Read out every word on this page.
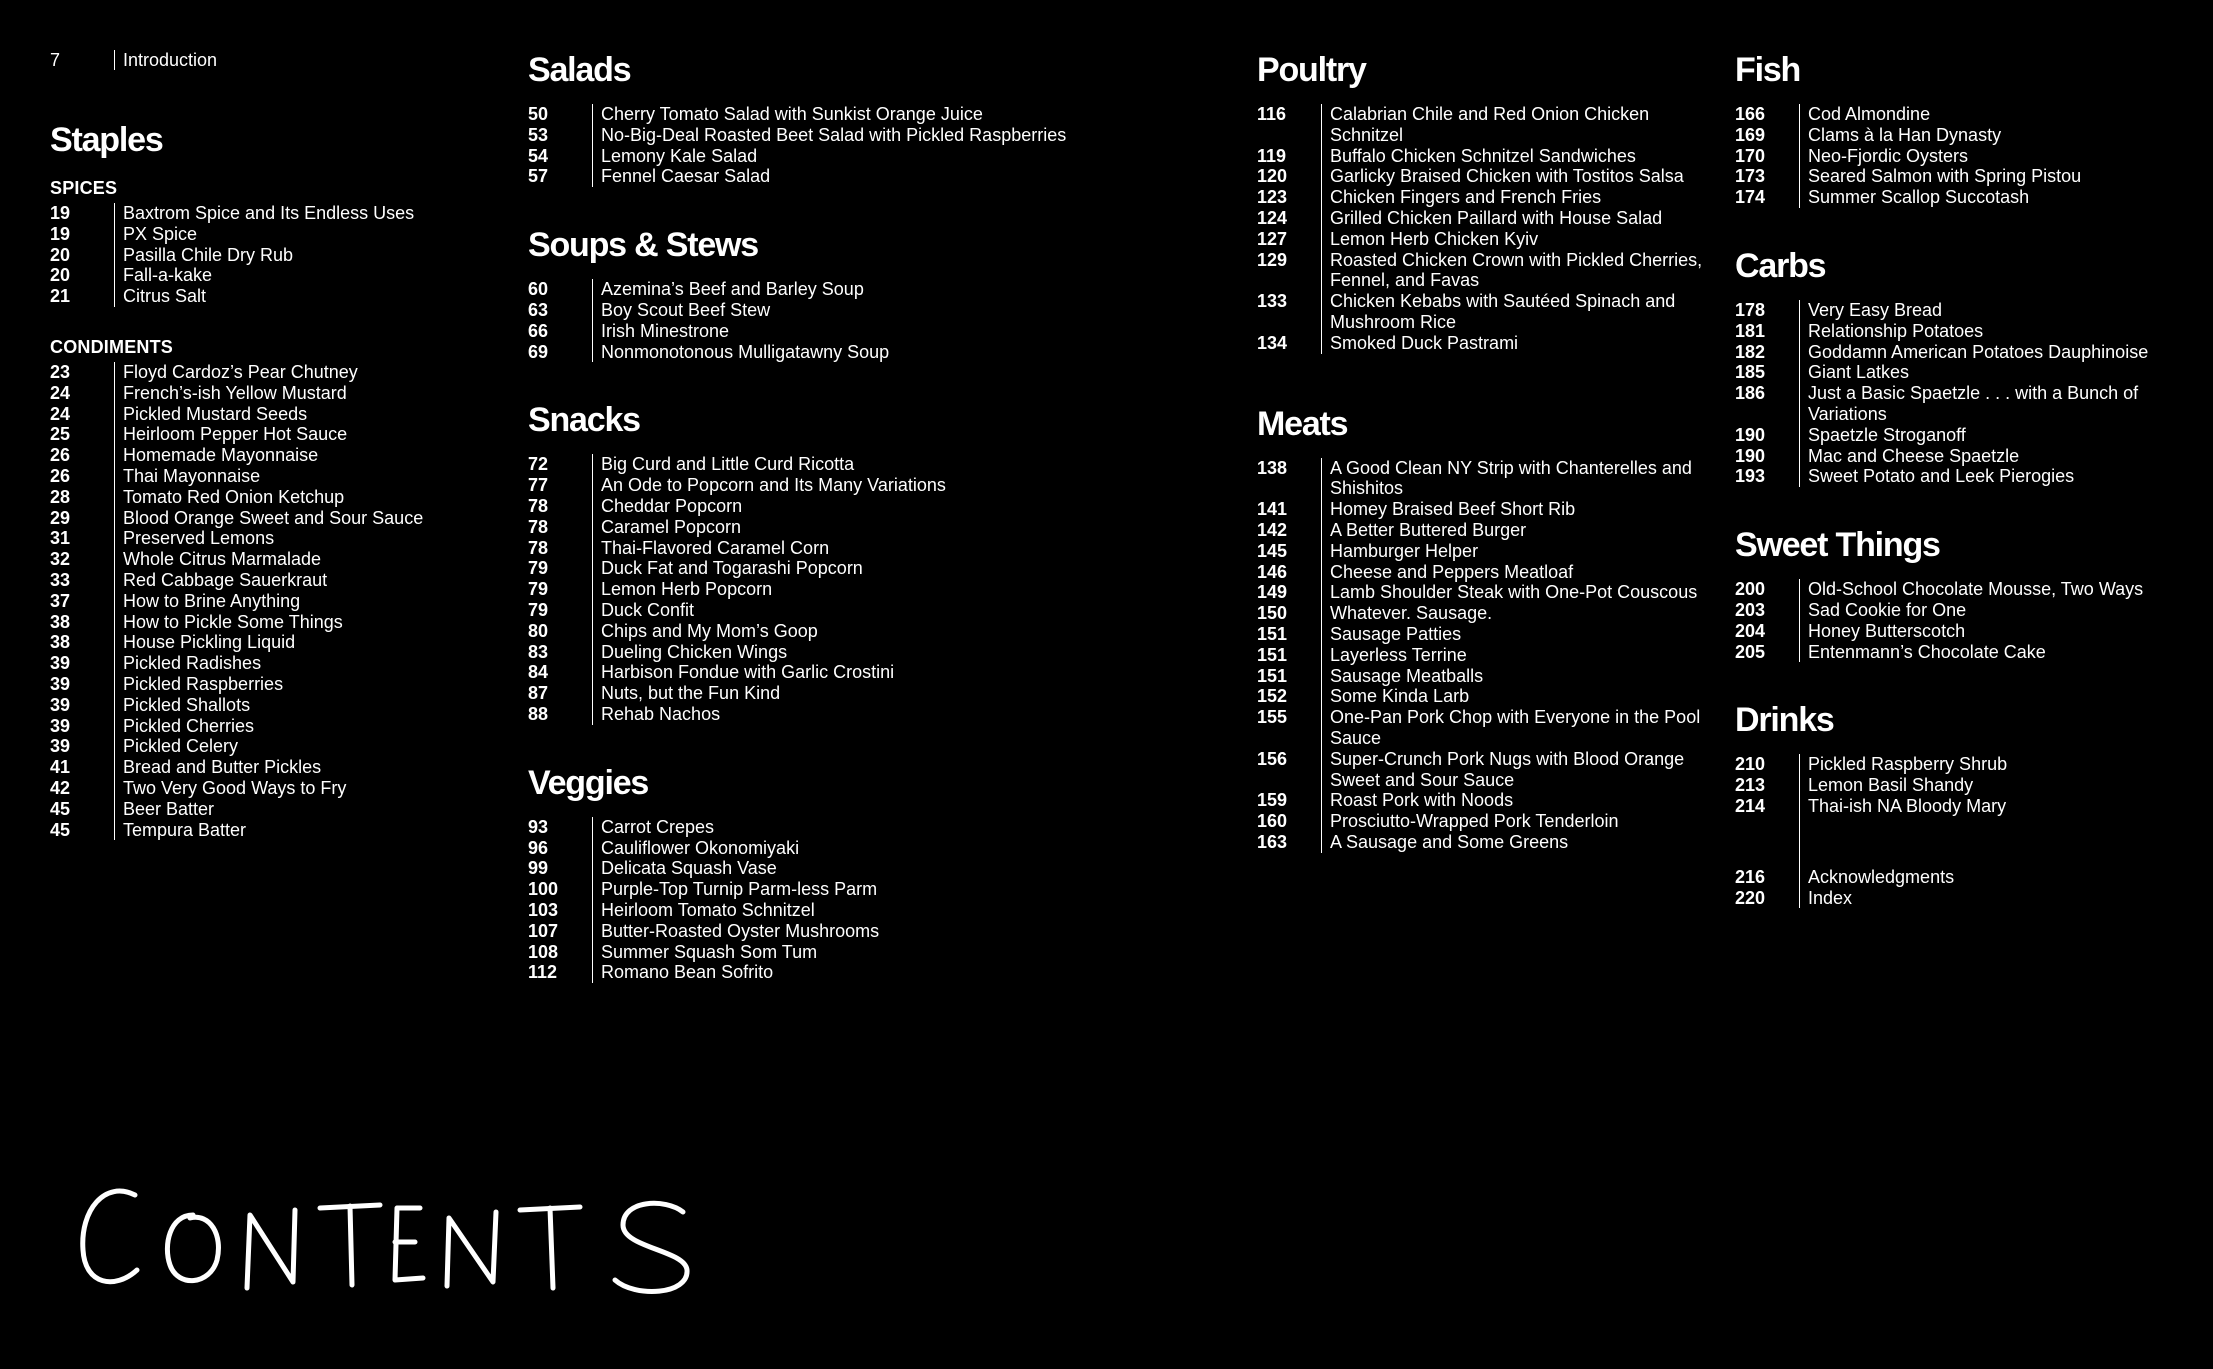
7	Introduction
Staples
SPICES
19	Baxtrom Spice and Its Endless Uses
19	PX Spice
20	Pasilla Chile Dry Rub
20	Fall-a-kake
21	Citrus Salt
CONDIMENTS
23	Floyd Cardoz’s Pear Chutney
24	French’s-ish Yellow Mustard
24	Pickled Mustard Seeds
25	Heirloom Pepper Hot Sauce
26	Homemade Mayonnaise
26	Thai Mayonnaise
28	Tomato Red Onion Ketchup
29	Blood Orange Sweet and Sour Sauce
31	Preserved Lemons
32	Whole Citrus Marmalade
33	Red Cabbage Sauerkraut
37	How to Brine Anything
38	How to Pickle Some Things
38	House Pickling Liquid
39	Pickled Radishes
39	Pickled Raspberries
39	Pickled Shallots
39	Pickled Cherries
39	Pickled Celery
41	Bread and Butter Pickles
42	Two Very Good Ways to Fry
45	Beer Batter
45	Tempura Batter
Salads
50	Cherry Tomato Salad with Sunkist Orange Juice
53	No-Big-Deal Roasted Beet Salad with Pickled Raspberries
54	Lemony Kale Salad
57	Fennel Caesar Salad
Soups & Stews
60	Azemina’s Beef and Barley Soup
63	Boy Scout Beef Stew
66	Irish Minestrone
69	Nonmonotonous Mulligatawny Soup
Snacks
72	Big Curd and Little Curd Ricotta
77	An Ode to Popcorn and Its Many Variations
78	Cheddar Popcorn
78	Caramel Popcorn
78	Thai-Flavored Caramel Corn
79	Duck Fat and Togarashi Popcorn
79	Lemon Herb Popcorn
79	Duck Confit
80	Chips and My Mom’s Goop
83	Dueling Chicken Wings
84	Harbison Fondue with Garlic Crostini
87	Nuts, but the Fun Kind
88	Rehab Nachos
Veggies
93	Carrot Crepes
96	Cauliflower Okonomiyaki
99	Delicata Squash Vase
100	Purple-Top Turnip Parm-less Parm
103	Heirloom Tomato Schnitzel
107	Butter-Roasted Oyster Mushrooms
108	Summer Squash Som Tum
112	Romano Bean Sofrito
Poultry
116	Calabrian Chile and Red Onion Chicken Schnitzel
119	Buffalo Chicken Schnitzel Sandwiches
120	Garlicky Braised Chicken with Tostitos Salsa
123	Chicken Fingers and French Fries
124	Grilled Chicken Paillard with House Salad
127	Lemon Herb Chicken Kyiv
129	Roasted Chicken Crown with Pickled Cherries, Fennel, and Favas
133	Chicken Kebabs with Sautéed Spinach and Mushroom Rice
134	Smoked Duck Pastrami
Meats
138	A Good Clean NY Strip with Chanterelles and Shishitos
141	Homey Braised Beef Short Rib
142	A Better Buttered Burger
145	Hamburger Helper
146	Cheese and Peppers Meatloaf
149	Lamb Shoulder Steak with One-Pot Couscous
150	Whatever. Sausage.
151	Sausage Patties
151	Layerless Terrine
151	Sausage Meatballs
152	Some Kinda Larb
155	One-Pan Pork Chop with Everyone in the Pool Sauce
156	Super-Crunch Pork Nugs with Blood Orange Sweet and Sour Sauce
159	Roast Pork with Noods
160	Prosciutto-Wrapped Pork Tenderloin
163	A Sausage and Some Greens
Fish
166	Cod Almondine
169	Clams à la Han Dynasty
170	Neo-Fjordic Oysters
173	Seared Salmon with Spring Pistou
174	Summer Scallop Succotash
Carbs
178	Very Easy Bread
181	Relationship Potatoes
182	Goddamn American Potatoes Dauphinoise
185	Giant Latkes
186	Just a Basic Spaetzle . . . with a Bunch of Variations
190	Spaetzle Stroganoff
190	Mac and Cheese Spaetzle
193	Sweet Potato and Leek Pierogies
Sweet Things
200	Old-School Chocolate Mousse, Two Ways
203	Sad Cookie for One
204	Honey Butterscotch
205	Entenmann’s Chocolate Cake
Drinks
210	Pickled Raspberry Shrub
213	Lemon Basil Shandy
214	Thai-ish NA Bloody Mary
216	Acknowledgments
220	Index
